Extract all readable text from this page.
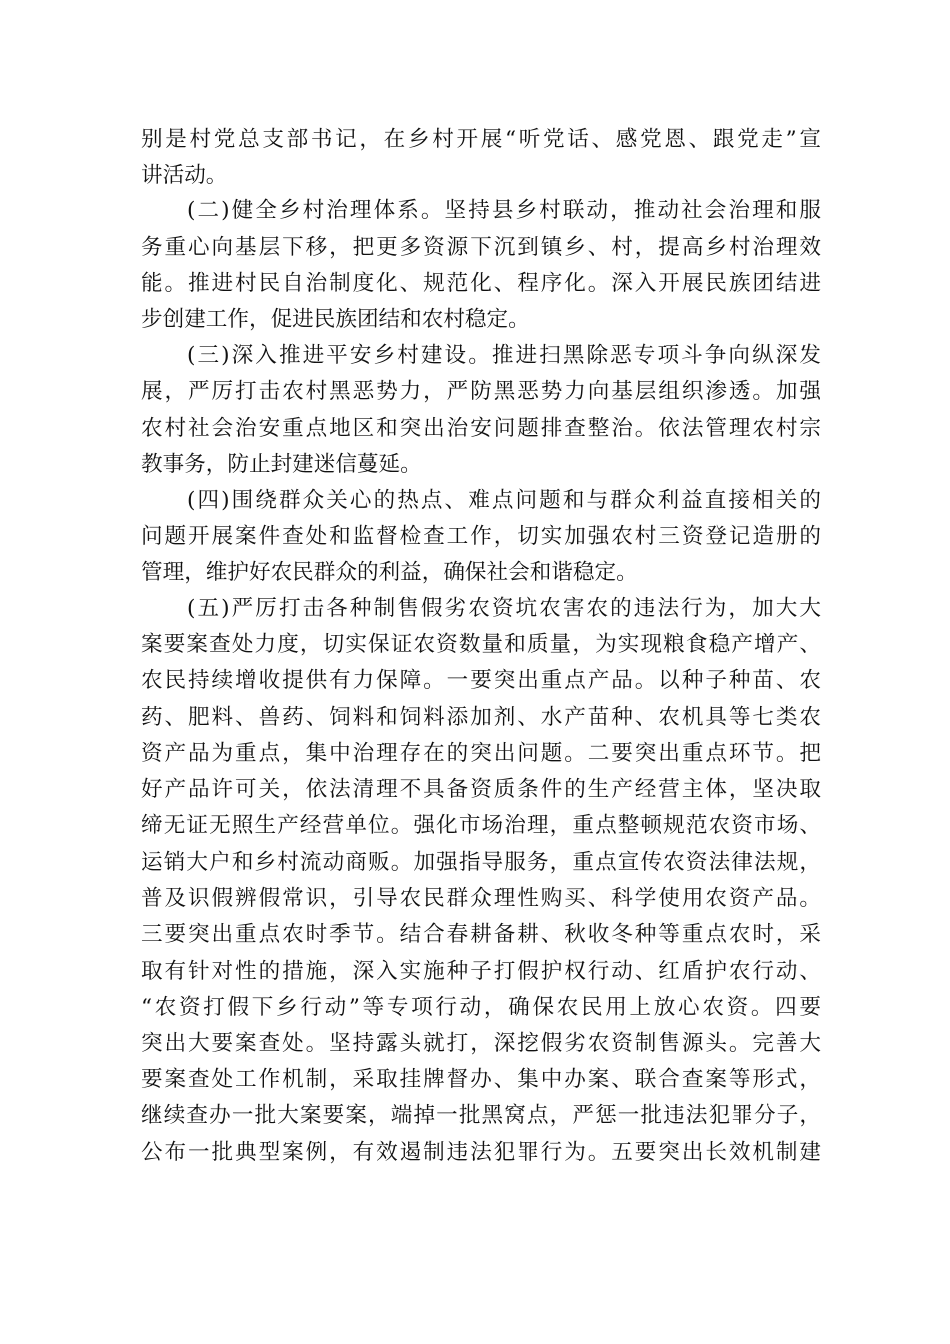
别是村党总支部书记，在乡村开展“听党话、感党恩、跟党走”宣
讲活动。
(二)健全乡村治理体系。坚持县乡村联动，推动社会治理和服
务重心向基层下移，把更多资源下沉到镇乡、村，提高乡村治理效
能。推进村民自治制度化、规范化、程序化。深入开展民族团结进
步创建工作，促进民族团结和农村稳定。
(三)深入推进平安乡村建设。推进扫黑除恶专项斗争向纵深发
展，严厉打击农村黑恶势力，严防黑恶势力向基层组织渗透。加强
农村社会治安重点地区和突出治安问题排查整治。依法管理农村宗
教事务，防止封建迷信蔓延。
(四)围绕群众关心的热点、难点问题和与群众利益直接相关的
问题开展案件查处和监督检查工作，切实加强农村三资登记造册的
管理，维护好农民群众的利益，确保社会和谐稳定。
(五)严厉打击各种制售假劣农资坑农害农的违法行为，加大大
案要案查处力度，切实保证农资数量和质量，为实现粮食稳产增产、
农民持续增收提供有力保障。一要突出重点产品。以种子种苗、农
药、肥料、兽药、饲料和饲料添加剂、水产苗种、农机具等七类农
资产品为重点，集中治理存在的突出问题。二要突出重点环节。把
好产品许可关，依法清理不具备资质条件的生产经营主体，坚决取
缔无证无照生产经营单位。强化市场治理，重点整顿规范农资市场、
运销大户和乡村流动商贩。加强指导服务，重点宣传农资法律法规，
普及识假辨假常识，引导农民群众理性购买、科学使用农资产品。
三要突出重点农时季节。结合春耕备耕、秋收冬种等重点农时，采
取有针对性的措施，深入实施种子打假护权行动、红盾护农行动、
“农资打假下乡行动”等专项行动，确保农民用上放心农资。四要
突出大要案查处。坚持露头就打，深挖假劣农资制售源头。完善大
要案查处工作机制，采取挂牌督办、集中办案、联合查案等形式，
继续查办一批大案要案，端掉一批黑窝点，严惩一批违法犯罪分子，
公布一批典型案例，有效遏制违法犯罪行为。五要突出长效机制建
